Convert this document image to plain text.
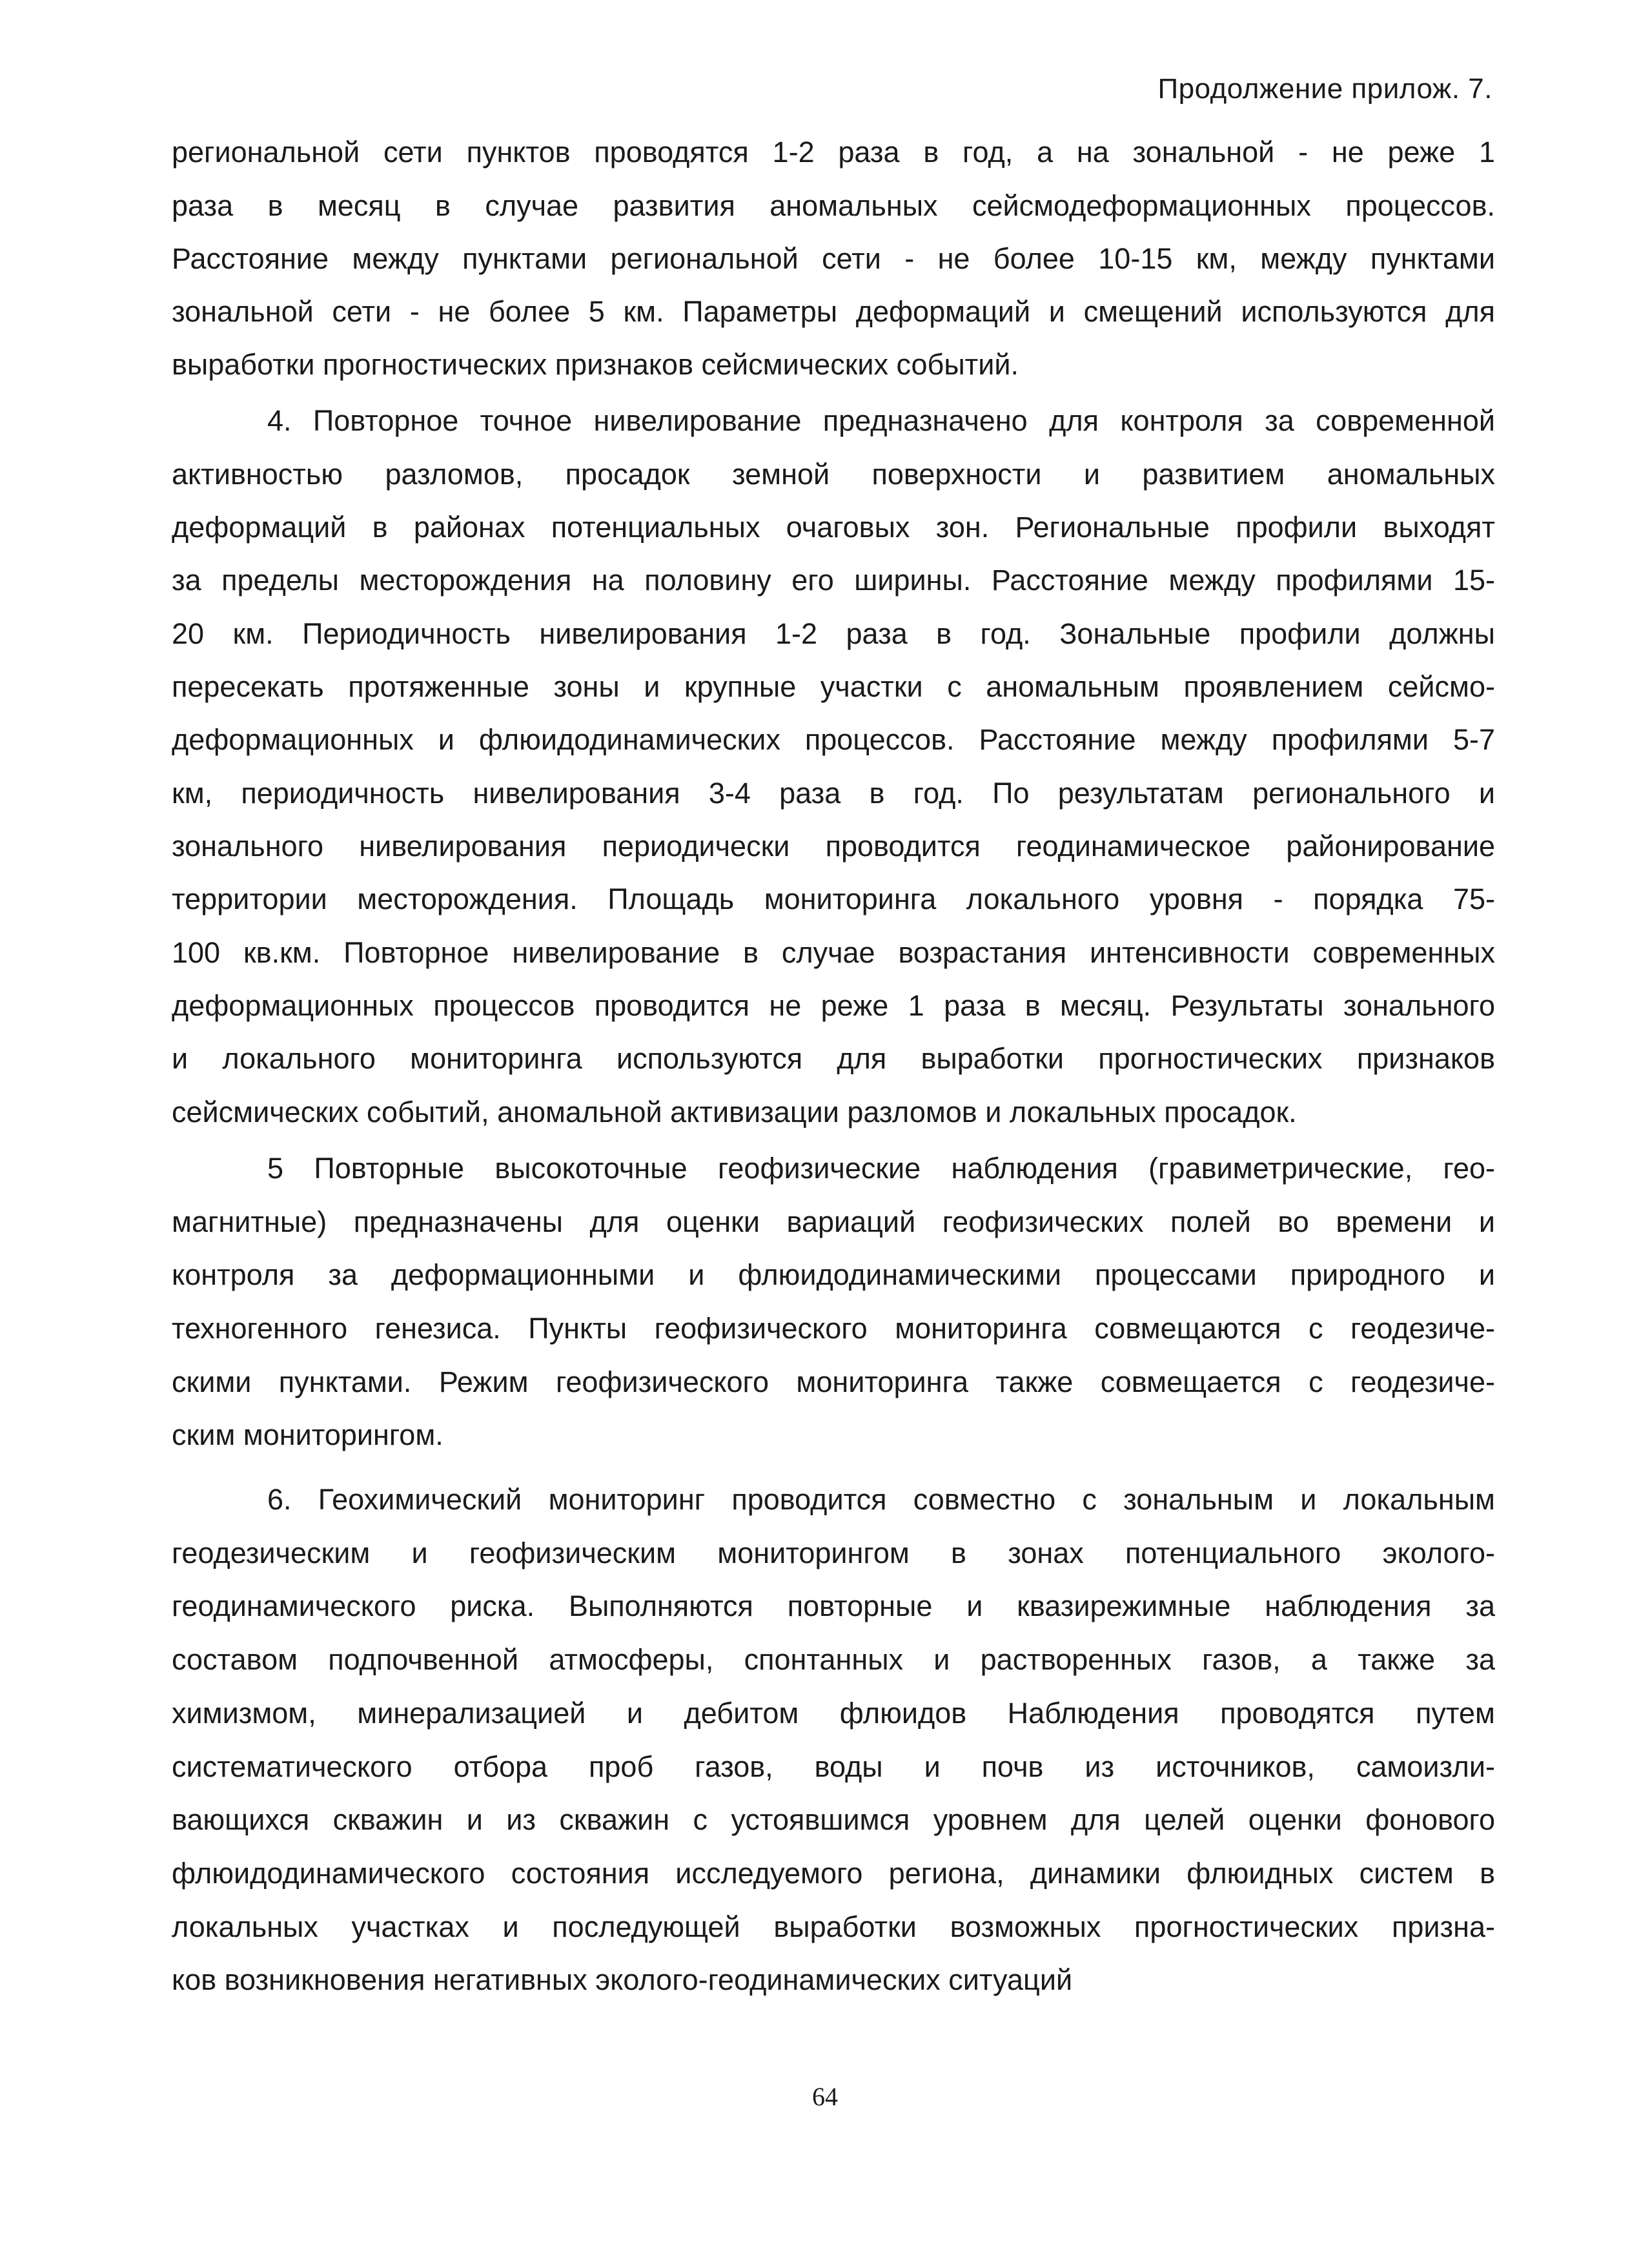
Продолжение прилож. 7.
региональной сети пунктов проводятся 1-2 раза в год, а на зональной - не реже 1
раза в месяц в случае развития аномальных сейсмодеформационных процессов.
Расстояние между пунктами региональной сети - не более 10-15 км, между пунктами
зональной сети - не более 5 км. Параметры деформаций и смещений используются для
выработки прогностических признаков сейсмических событий.
4. Повторное точное нивелирование предназначено для контроля за современной
активностью разломов, просадок земной поверхности и развитием аномальных
деформаций в районах потенциальных очаговых зон. Региональные профили выходят
за пределы месторождения на половину его ширины. Расстояние между профилями 15-
20 км. Периодичность нивелирования 1-2 раза в год. Зональные профили должны
пересекать протяженные зоны и крупные участки с аномальным проявлением сейсмо-
деформационных и флюидодинамических процессов. Расстояние между профилями 5-7
км, периодичность нивелирования 3-4 раза в год. По результатам регионального и
зонального нивелирования периодически проводится геодинамическое районирование
территории месторождения. Площадь мониторинга локального уровня - порядка 75-
100 кв.км. Повторное нивелирование в случае возрастания интенсивности современных
деформационных процессов проводится не реже 1 раза в месяц. Результаты зонального
и локального мониторинга используются для выработки прогностических признаков
сейсмических событий, аномальной активизации разломов и локальных просадок.
5 Повторные высокоточные геофизические наблюдения (гравиметрические, гео-
магнитные) предназначены для оценки вариаций геофизических полей во времени и
контроля за деформационными и флюидодинамическими процессами природного и
техногенного генезиса. Пункты геофизического мониторинга совмещаются с геодезиче-
скими пунктами. Режим геофизического мониторинга также совмещается с геодезиче-
ским мониторингом.
6. Геохимический мониторинг проводится совместно с зональным и локальным
геодезическим и геофизическим мониторингом в зонах потенциального эколого-
геодинамического риска. Выполняются повторные и квазирежимные наблюдения за
составом подпочвенной атмосферы, спонтанных и растворенных газов, а также за
химизмом, минерализацией и дебитом флюидов Наблюдения проводятся путем
систематического отбора проб газов, воды и почв из источников, самоизли-
вающихся скважин и из скважин с устоявшимся уровнем для целей оценки фонового
флюидодинамического состояния исследуемого региона, динамики флюидных систем в
локальных участках и последующей выработки возможных прогностических призна-
ков возникновения негативных эколого-геодинамических ситуаций
64
